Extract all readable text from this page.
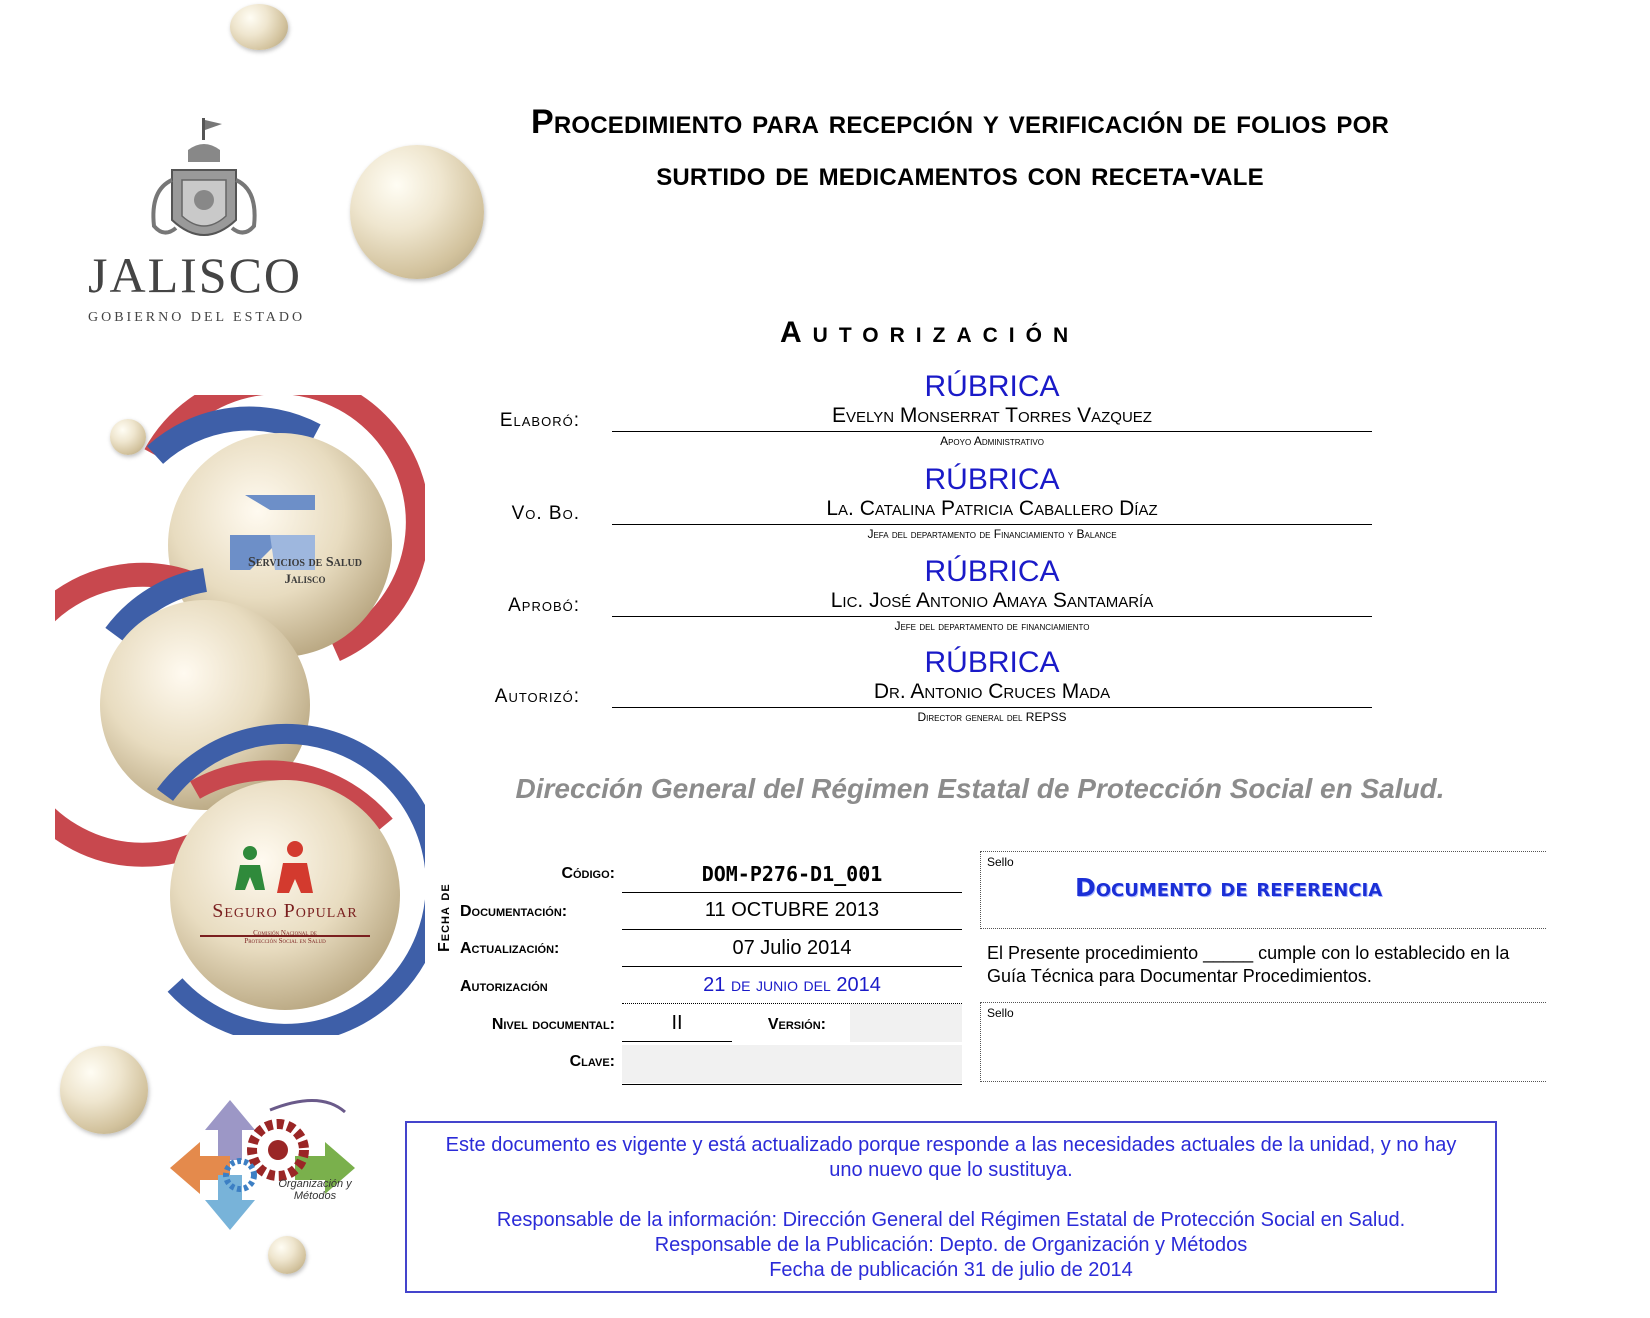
JALISCO
GOBIERNO DEL ESTADO
Servicios de Salud
Jalisco
Seguro Popular
Comisión Nacional de
Protección Social en Salud
Organización y
Métodos
Procedimiento para recepción y verificación de folios por
surtido de medicamentos con receta-vale
Autorización
RÚBRICA
Elaboró:	Evelyn Monserrat Torres Vazquez
Apoyo Administrativo
RÚBRICA
Vo. Bo.	La. Catalina Patricia Caballero Díaz
Jefa del departamento de Financiamiento y Balance
RÚBRICA
Aprobó:	Lic. José Antonio Amaya Santamaría
Jefe del departamento de financiamiento
RÚBRICA
Autorizó:	Dr. Antonio Cruces Mada
Director general del REPSS
Dirección General del Régimen Estatal de Protección Social en Salud.
Código:	DOM-P276-D1_001
Fecha de Documentación:	11 OCTUBRE 2013
Actualización:	07 Julio 2014
Autorización	21 de junio del 2014
Nivel documental:	II	Versión:
Clave:
Sello
Documento de referencia
El Presente procedimiento _____ cumple con lo establecido en la Guía Técnica para Documentar Procedimientos.
Sello

Este documento es vigente y está actualizado porque responde a las necesidades actuales de la unidad, y no hay uno nuevo que lo sustituya.

Responsable de la información: Dirección General del Régimen Estatal de Protección Social en Salud.

Responsable de la Publicación: Depto. de Organización y Métodos

Fecha de publicación 31 de julio de 2014
